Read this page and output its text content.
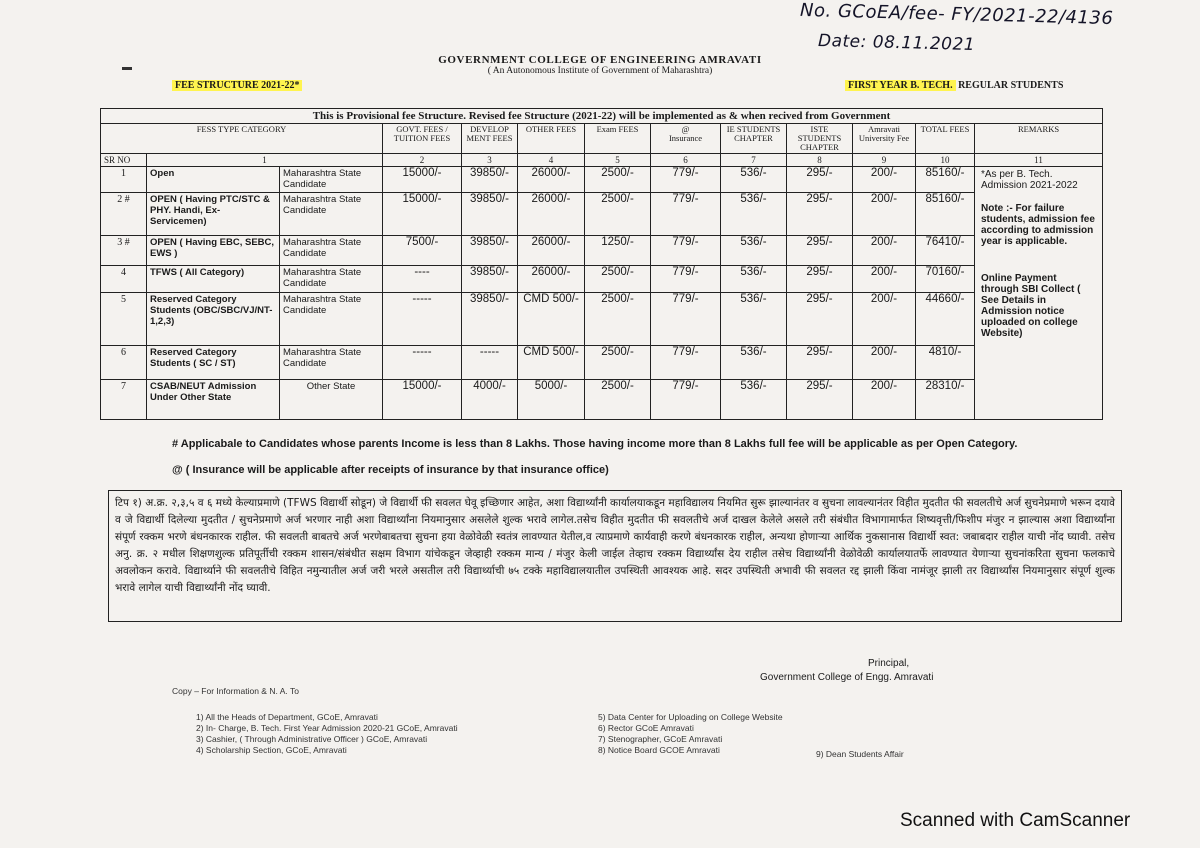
No. GCoEA/fee- FY/2021-22/4136
Date: 08.11.2021
▬
GOVERNMENT COLLEGE OF ENGINEERING AMRAVATI
( An Autonomous Institute of Government of Maharashtra)
FEE STRUCTURE 2021-22*	FIRST YEAR B. TECH. REGULAR STUDENTS
This is Provisional fee Structure. Revised fee Structure (2021-22) will be implemented as & when recived from Government												
FESS TYPE CATEGORY			GOVT. FEES / TUITION FEES	DEVELOP MENT FEES	OTHER FEES	Exam FEES	@
Insurance	IE STUDENTS CHAPTER	ISTE STUDENTS CHAPTER	Amravati University Fee	TOTAL FEES	REMARKS
SR NO	1		2	3	4	5	6	7	8	9	10	11
1	Open	Maharashtra State Candidate	15000/-	39850/-	26000/-	2500/-	779/-	536/-	295/-	200/-	85160/-	*As per B. Tech. Admission 2021-2022

Note :- For failure students, admission fee according to admission year is applicable.

Online Payment through SBI Collect ( See Details in Admission notice uploaded on college Website)

2 #	OPEN ( Having PTC/STC & PHY. Handi, Ex-Servicemen)	Maharashtra State Candidate	15000/-	39850/-	26000/-	2500/-	779/-	536/-	295/-	200/-	85160/-	
3 #	OPEN ( Having EBC, SEBC, EWS )	Maharashtra State Candidate	7500/-	39850/-	26000/-	1250/-	779/-	536/-	295/-	200/-	76410/-	
4	TFWS ( All Category)	Maharashtra State Candidate	----	39850/-	26000/-	2500/-	779/-	536/-	295/-	200/-	70160/-	
5	Reserved Category Students (OBC/SBC/VJ/NT-1,2,3)	Maharashtra State Candidate	-----	39850/-	CMD 500/-	2500/-	779/-	536/-	295/-	200/-	44660/-	
6	Reserved Category Students ( SC / ST)	Maharashtra State Candidate	-----	-----	CMD 500/-	2500/-	779/-	536/-	295/-	200/-	4810/-	
7	CSAB/NEUT Admission Under Other State	Other State	15000/-	4000/-	5000/-	2500/-	779/-	536/-	295/-	200/-	28310/-	
# Applicabale to Candidates whose parents Income is less than 8 Lakhs. Those having income more than 8 Lakhs full fee will be applicable as per Open Category.
@ ( Insurance will be applicable after receipts of insurance by that insurance office)
टिप १) अ.क्र. २,३,५ व ६ मध्ये केल्याप्रमाणे (TFWS विद्यार्थी सोडून) जे विद्यार्थी फी सवलत घेवू इच्छिणार आहेत, अशा विद्यार्थ्यांनी कार्यालयाकडून महाविद्यालय नियमित सुरू झाल्यानंतर व सुचना लावल्यानंतर विहीत मुदतीत फी सवलतीचे अर्ज सुचनेप्रमाणे भरून दयावे व जे विद्यार्थी दिलेल्या मुदतीत / सुचनेप्रमाणे अर्ज भरणार नाही अशा विद्यार्थ्यांना नियमानुसार असलेले शुल्क भरावे लागेल.तसेच विहीत मुदतीत फी सवलतीचे अर्ज दाखल केलेले असले तरी संबंधीत विभागामार्फत शिष्यवृत्ती/फिशीप मंजुर न झाल्यास अशा विद्यार्थ्यांना संपूर्ण रक्कम भरणे बंधनकारक राहील. फी सवलती बाबतचे अर्ज भरणेबाबतचा सुचना हया वेळोवेळी स्वतंत्र लावण्यात येतील,व त्याप्रमाणे कार्यवाही करणे बंधनकारक राहील, अन्यथा होणाऱ्या आर्थिक नुकसानास विद्यार्थी स्वत: जबाबदार राहील याची नोंद घ्यावी. तसेच अनु. क्र. २ मधील शिक्षणशुल्क प्रतिपूर्तीची रक्कम शासन/संबंधीत सक्षम विभाग यांचेकडून जेव्हाही रक्कम मान्य / मंजुर केली जाईल तेव्हाच रक्कम विद्यार्थ्यांस देय राहील तसेच विद्यार्थ्यांनी वेळोवेळी कार्यालयातर्फे लावण्यात येणाऱ्या सुचनांकरिता सुचना फलकाचे अवलोकन करावे. विद्यार्थ्याने फी सवलतीचे विहित नमुन्यातील अर्ज जरी भरले असतील तरी विद्यार्थ्याची ७५ टक्के महाविद्यालयातील उपस्थिती आवश्यक आहे. सदर उपस्थिती अभावी फी सवलत रद्द झाली किंवा नामंजूर झाली तर विद्यार्थ्यांस नियमानुसार संपूर्ण शुल्क भरावे लागेल याची विद्यार्थ्यांनी नोंद घ्यावी.
Principal,
Government College of Engg. Amravati
Copy – For Information & N. A. To
1) All the Heads of Department, GCoE, Amravati
2) In- Charge, B. Tech. First Year Admission 2020-21 GCoE, Amravati
3) Cashier, ( Through Administrative Officer ) GCoE, Amravati
4) Scholarship Section, GCoE, Amravati
5) Data Center for Uploading on College Website
6) Rector GCoE Amravati
7) Stenographer, GCoE Amravati
8) Notice Board GCOE Amravati	9) Dean Students Affair
Scanned with CamScanner
